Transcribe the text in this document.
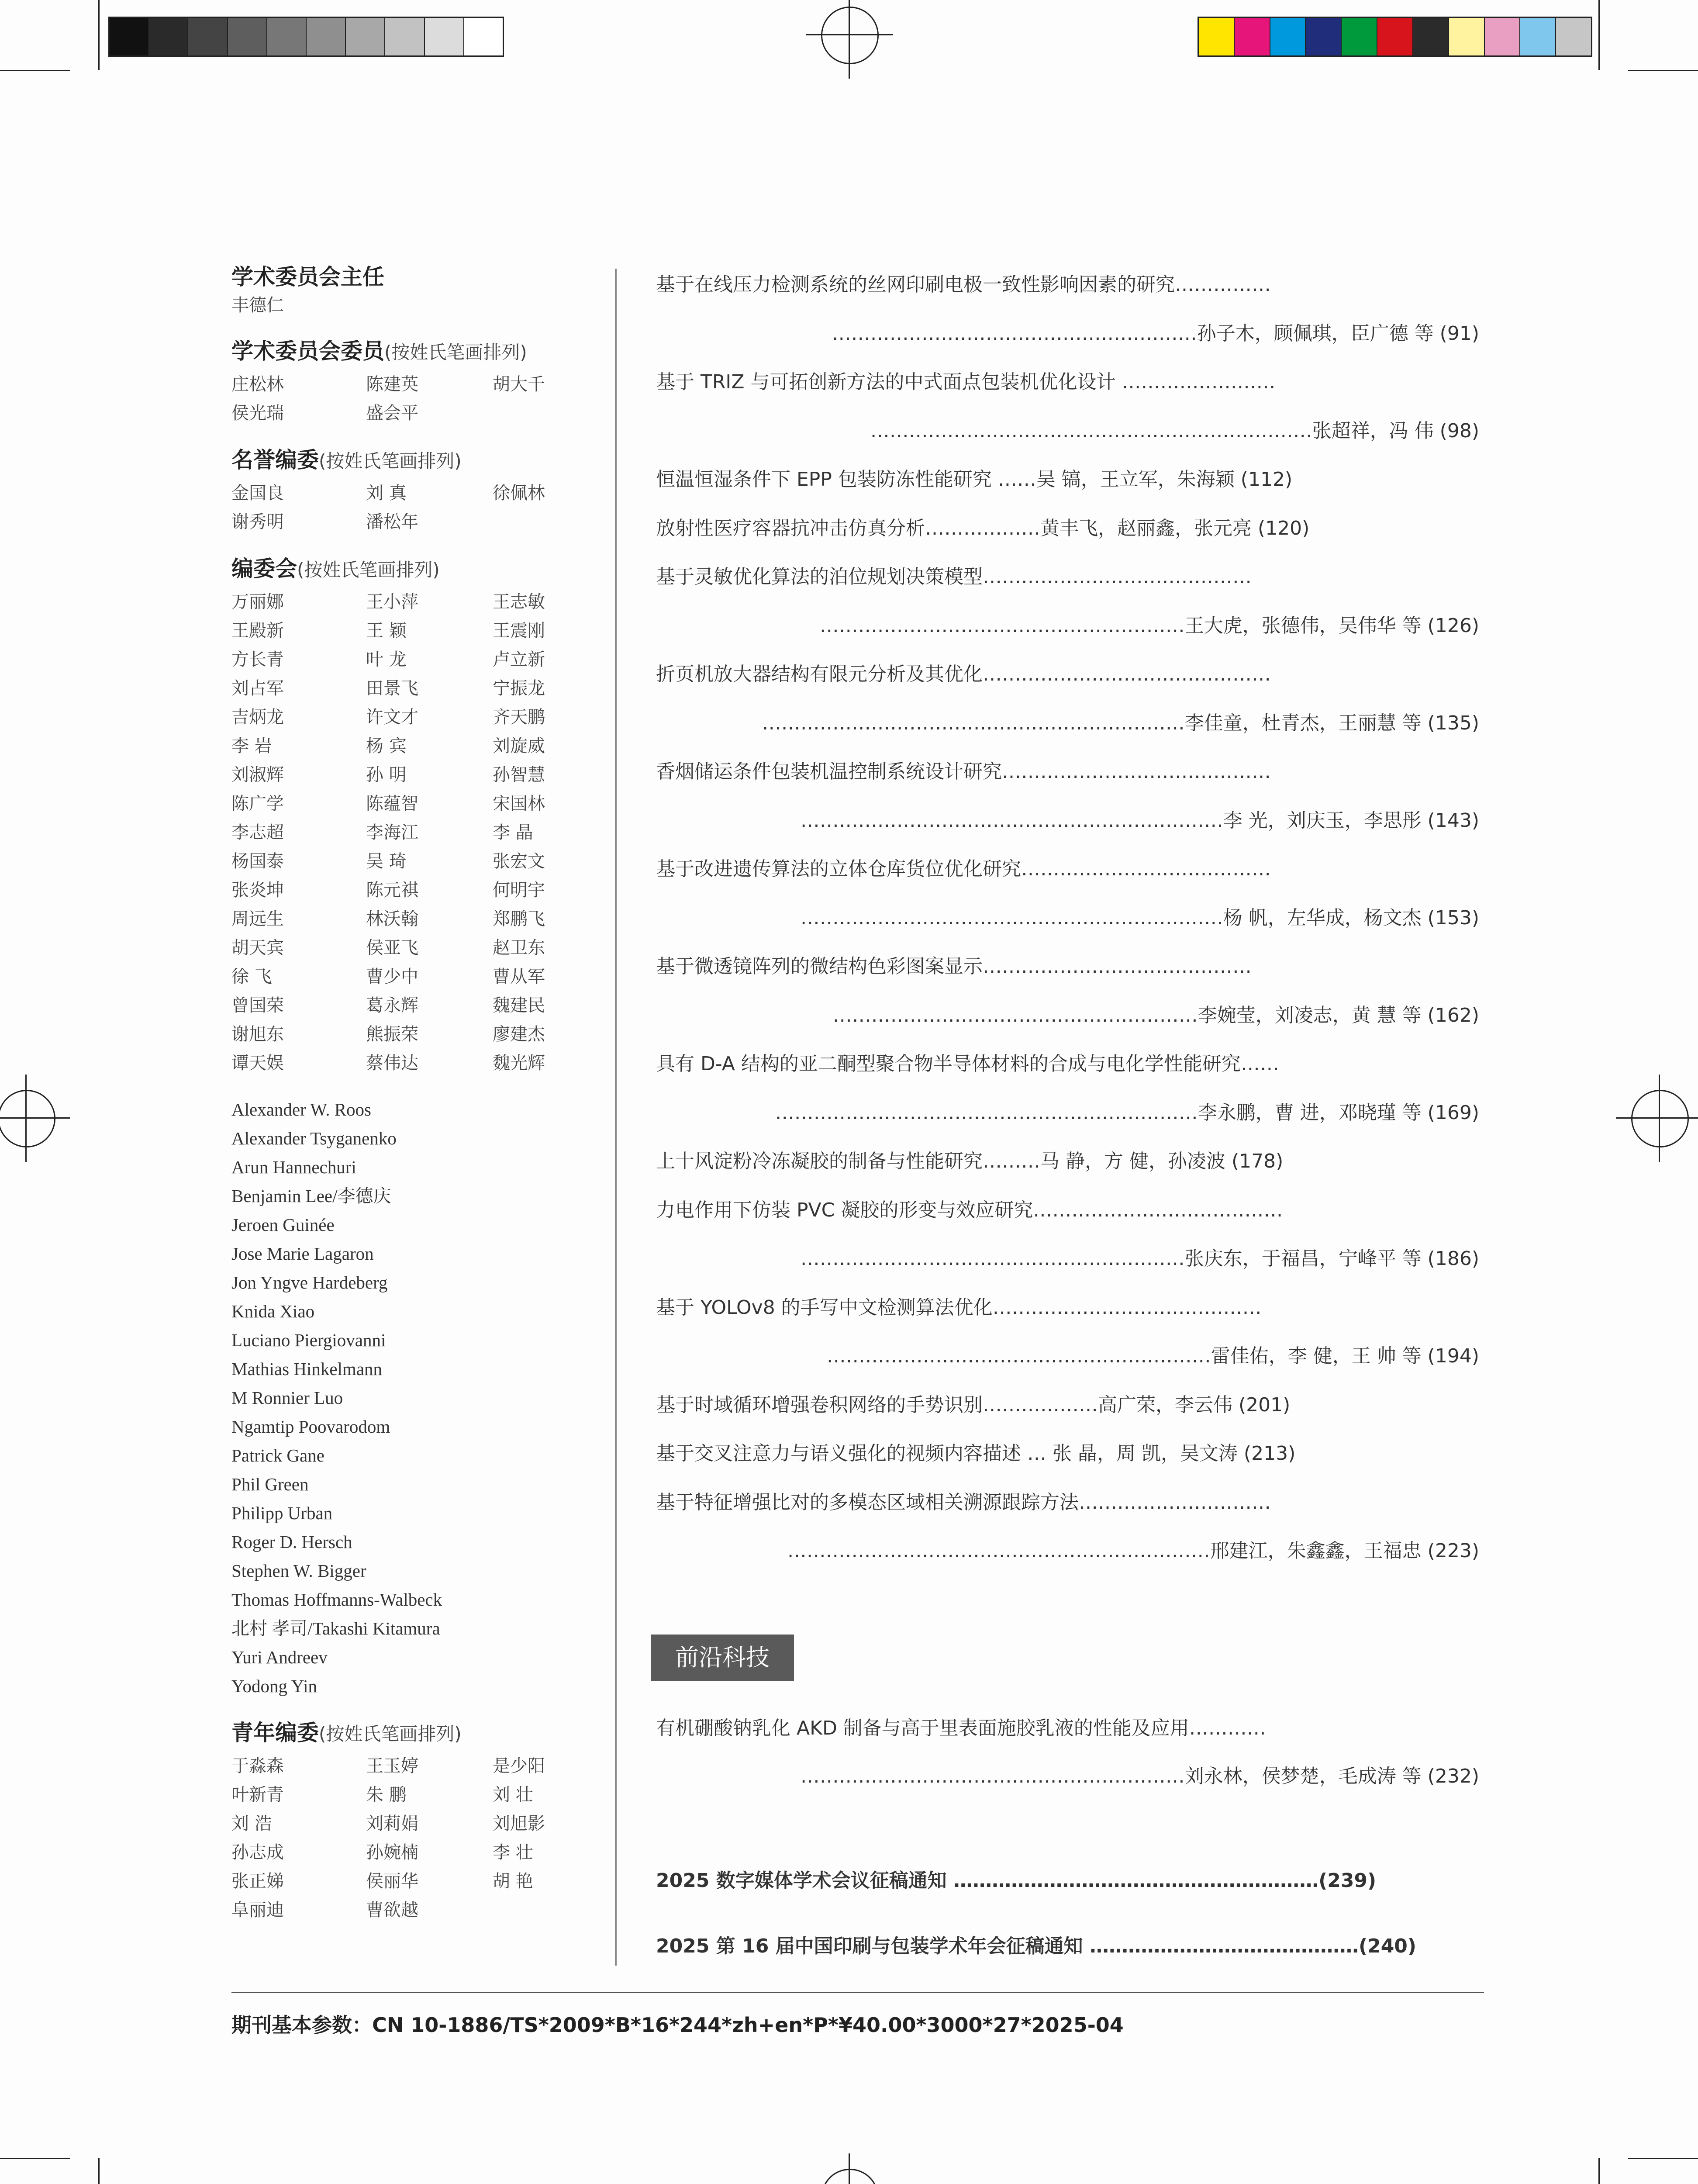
学术委员会主任
丰德仁
学术委员会委员(按姓氏笔画排列)
庄松林	陈建英	胡大千
侯光瑞	盛会平
名誉编委(按姓氏笔画排列)
金国良	刘 真	徐佩林
谢秀明	潘松年
编委会(按姓氏笔画排列)
万丽娜	王小萍	王志敏
王殿新	王 颖	王震刚
方长青	叶 龙	卢立新
刘占军	田景飞	宁振龙
吉炳龙	许文才	齐天鹏
李 岩	杨 宾	刘旋威
刘淑辉	孙 明	孙智慧
陈广学	陈蕴智	宋国林
李志超	李海江	李 晶
杨国泰	吴 琦	张宏文
张炎坤	陈元祺	何明宇
周远生	林沃翰	郑鹏飞
胡天宾	侯亚飞	赵卫东
徐 飞	曹少中	曹从军
曾国荣	葛永辉	魏建民
谢旭东	熊振荣	廖建杰
谭天娱	蔡伟达	魏光辉
Alexander W. Roos
Alexander Tsyganenko
Arun Hannechuri
Benjamin Lee/李德庆
Jeroen Guinée
Jose Marie Lagaron
Jon Yngve Hardeberg
Knida Xiao
Luciano Piergiovanni
Mathias Hinkelmann
M Ronnier Luo
Ngamtip Poovarodom
Patrick Gane
Phil Green
Philipp Urban
Roger D. Hersch
Stephen W. Bigger
Thomas Hoffmanns-Walbeck
北村 孝司/Takashi Kitamura
Yuri Andreev
Yodong Yin
青年编委(按姓氏笔画排列)
于淼森	王玉婷	是少阳
叶新青	朱 鹏	刘 壮
刘 浩	刘莉娟	刘旭影
孙志成	孙婉楠	李 壮
张正娣	侯丽华	胡 艳
阜丽迪	曹欲越
基于在线压力检测系统的丝网印刷电极一致性影响因素的研究……………
…………………………………………………孙子木，顾佩琪，臣广德 等 (91)
基于 TRIZ 与可拓创新方法的中式面点包装机优化设计 ……………………
……………………………………………………………张超祥，冯 伟 (98)
恒温恒湿条件下 EPP 包装防冻性能研究 ……吴 镐，王立军，朱海颖 (112)
放射性医疗容器抗冲击仿真分析………………黄丰飞，赵丽鑫，张元亮 (120)
基于灵敏优化算法的泊位规划决策模型……………………………………
…………………………………………………王大虎，张德伟，吴伟华 等 (126)
折页机放大器结构有限元分析及其优化………………………………………
…………………………………………………………李佳童，杜青杰，王丽慧 等 (135)
香烟储运条件包装机温控制系统设计研究……………………………………
…………………………………………………………李 光，刘庆玉，李思彤 (143)
基于改进遗传算法的立体仓库货位优化研究…………………………………
…………………………………………………………杨 帆，左华成，杨文杰 (153)
基于微透镜阵列的微结构色彩图案显示……………………………………
…………………………………………………李婉莹，刘凌志，黄 慧 等 (162)
具有 D-A 结构的亚二酮型聚合物半导体材料的合成与电化学性能研究……
…………………………………………………………李永鹏，曹 进，邓晓瑾 等 (169)
上十风淀粉冷冻凝胶的制备与性能研究………马 静，方 健，孙凌波 (178)
力电作用下仿装 PVC 凝胶的形变与效应研究…………………………………
……………………………………………………张庆东，于福昌，宁峰平 等 (186)
基于 YOLOv8 的手写中文检测算法优化……………………………………
……………………………………………………雷佳佑，李 健，王 帅 等 (194)
基于时域循环增强卷积网络的手势识别………………高广荣，李云伟 (201)
基于交叉注意力与语义强化的视频内容描述 … 张 晶，周 凯，吴文涛 (213)
基于特征增强比对的多模态区域相关溯源跟踪方法…………………………
…………………………………………………………邢建江，朱鑫鑫，王福忠 (223)
前沿科技
有机硼酸钠乳化 AKD 制备与高于里表面施胶乳液的性能及应用…………
……………………………………………………刘永林，侯梦楚，毛成涛 等 (232)
2025 数字媒体学术会议征稿通知 …………………………………………………(239)
2025 第 16 届中国印刷与包装学术年会征稿通知 ……………………………………(240)
期刊基本参数：CN 10-1886/TS*2009*B*16*244*zh+en*P*¥40.00*3000*27*2025-04
